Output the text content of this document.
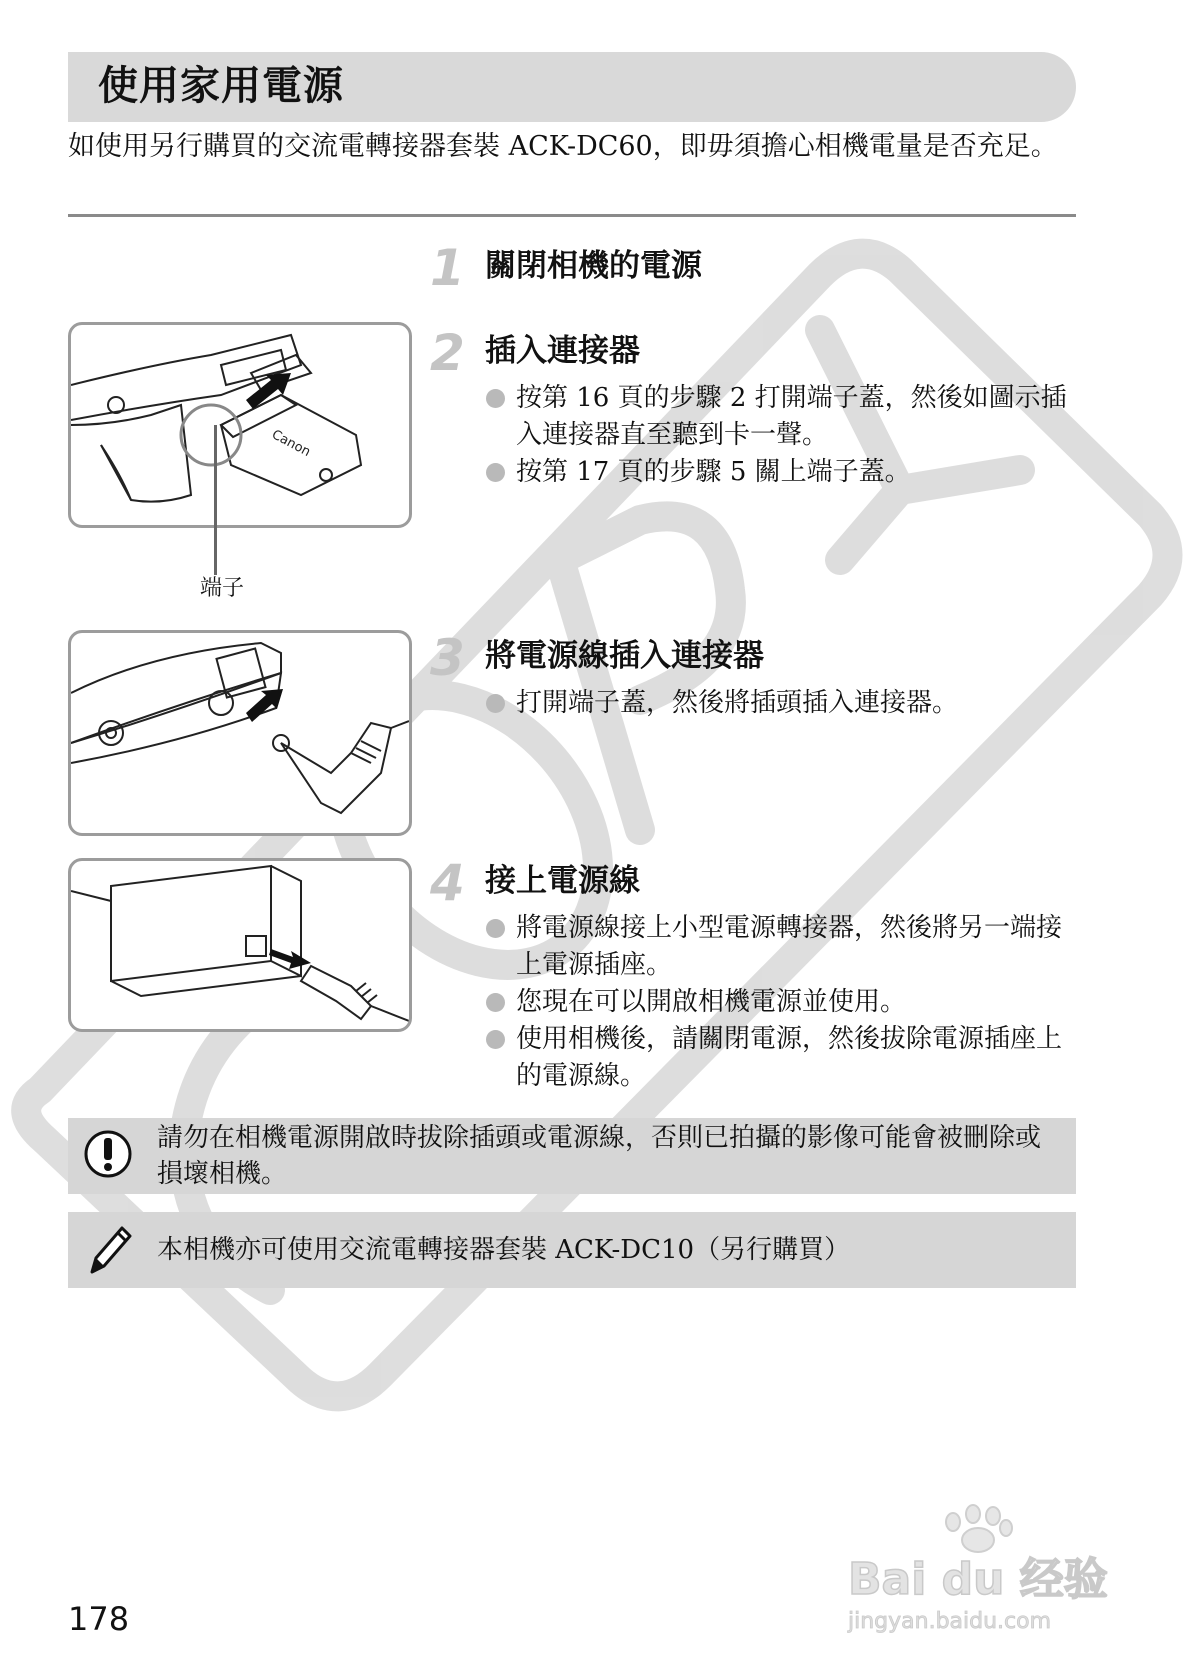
使用家用電源
如使用另行購買的交流電轉接器套裝 ACK-DC60，即毋須擔心相機電量是否充足。
1 關閉相機的電源
2 插入連接器
按第 16 頁的步驟 2 打開端子蓋，然後如圖示插入連接器直至聽到卡一聲。
按第 17 頁的步驟 5 關上端子蓋。
Canon
端子
3 將電源線插入連接器
打開端子蓋，然後將插頭插入連接器。
4 接上電源線
將電源線接上小型電源轉接器，然後將另一端接上電源插座。
您現在可以開啟相機電源並使用。
使用相機後，請關閉電源，然後拔除電源插座上的電源線。
請勿在相機電源開啟時拔除插頭或電源線，否則已拍攝的影像可能會被刪除或損壞相機。
本相機亦可使用交流電轉接器套裝 ACK-DC10（另行購買）
178
Bai du 经验
jingyan.baidu.com
